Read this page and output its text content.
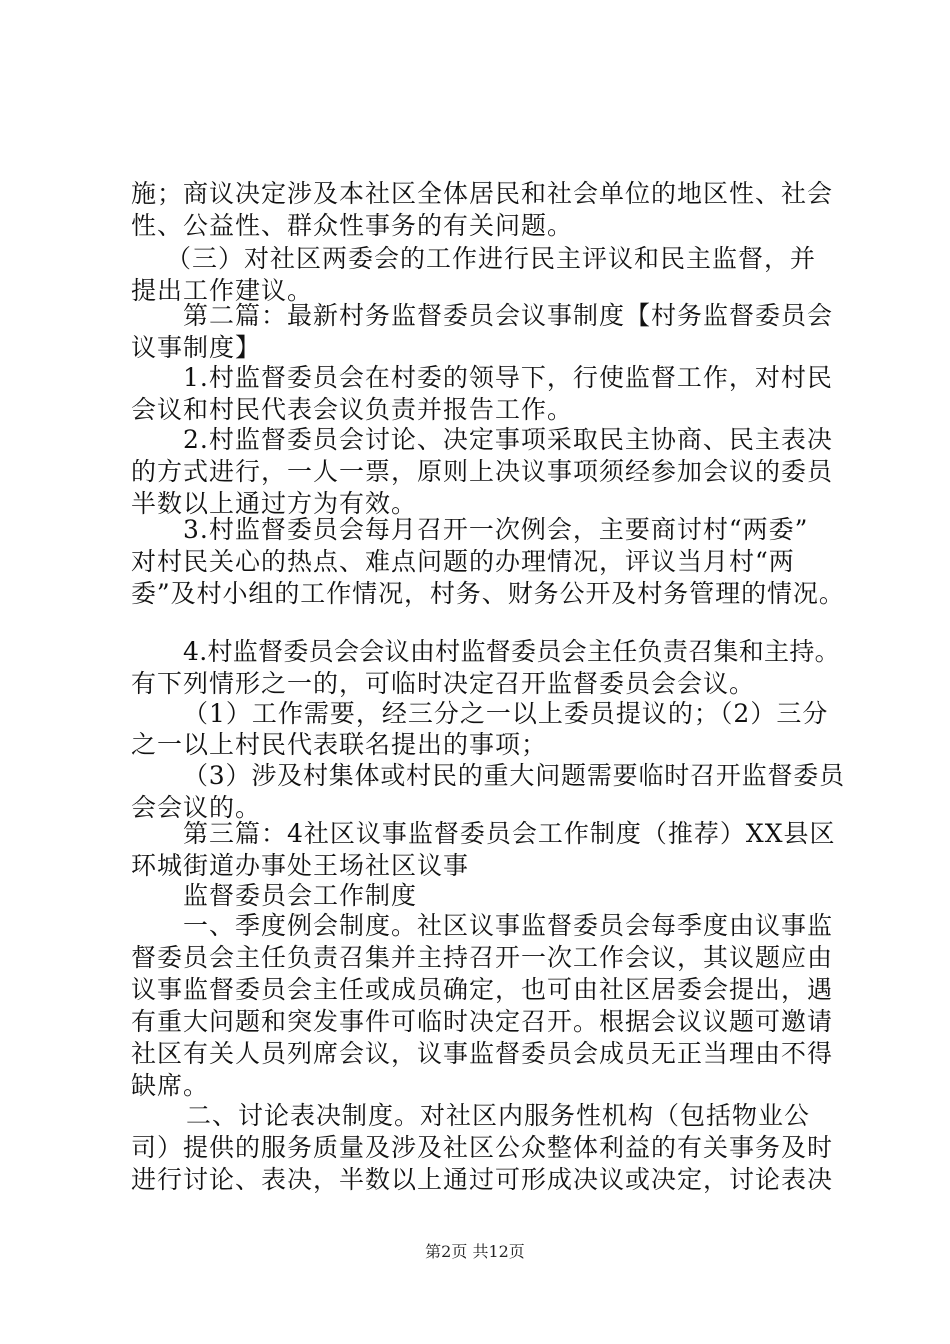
施；商议决定涉及本社区全体居民和社会单位的地区性、社会
性、公益性、群众性事务的有关问题。
（三）对社区两委会的工作进行民主评议和民主监督，并
提出工作建议。
第二篇：最新村务监督委员会议事制度【村务监督委员会
议事制度】
1.村监督委员会在村委的领导下，行使监督工作，对村民
会议和村民代表会议负责并报告工作。
2.村监督委员会讨论、决定事项采取民主协商、民主表决
的方式进行，一人一票，原则上决议事项须经参加会议的委员
半数以上通过方为有效。
3.村监督委员会每月召开一次例会，主要商讨村“两委”
对村民关心的热点、难点问题的办理情况，评议当月村“两
委”及村小组的工作情况，村务、财务公开及村务管理的情况。
4.村监督委员会会议由村监督委员会主任负责召集和主持。
有下列情形之一的，可临时决定召开监督委员会会议。
（1）工作需要，经三分之一以上委员提议的；（2）三分
之一以上村民代表联名提出的事项；
（3）涉及村集体或村民的重大问题需要临时召开监督委员
会会议的。
第三篇：4社区议事监督委员会工作制度（推荐）XX县区
环城街道办事处王场社区议事
监督委员会工作制度
一、季度例会制度。社区议事监督委员会每季度由议事监
督委员会主任负责召集并主持召开一次工作会议，其议题应由
议事监督委员会主任或成员确定，也可由社区居委会提出，遇
有重大问题和突发事件可临时决定召开。根据会议议题可邀请
社区有关人员列席会议，议事监督委员会成员无正当理由不得
缺席。
二、讨论表决制度。对社区内服务性机构（包括物业公
司）提供的服务质量及涉及社区公众整体利益的有关事务及时
进行讨论、表决，半数以上通过可形成决议或决定，讨论表决
第2页 共12页
